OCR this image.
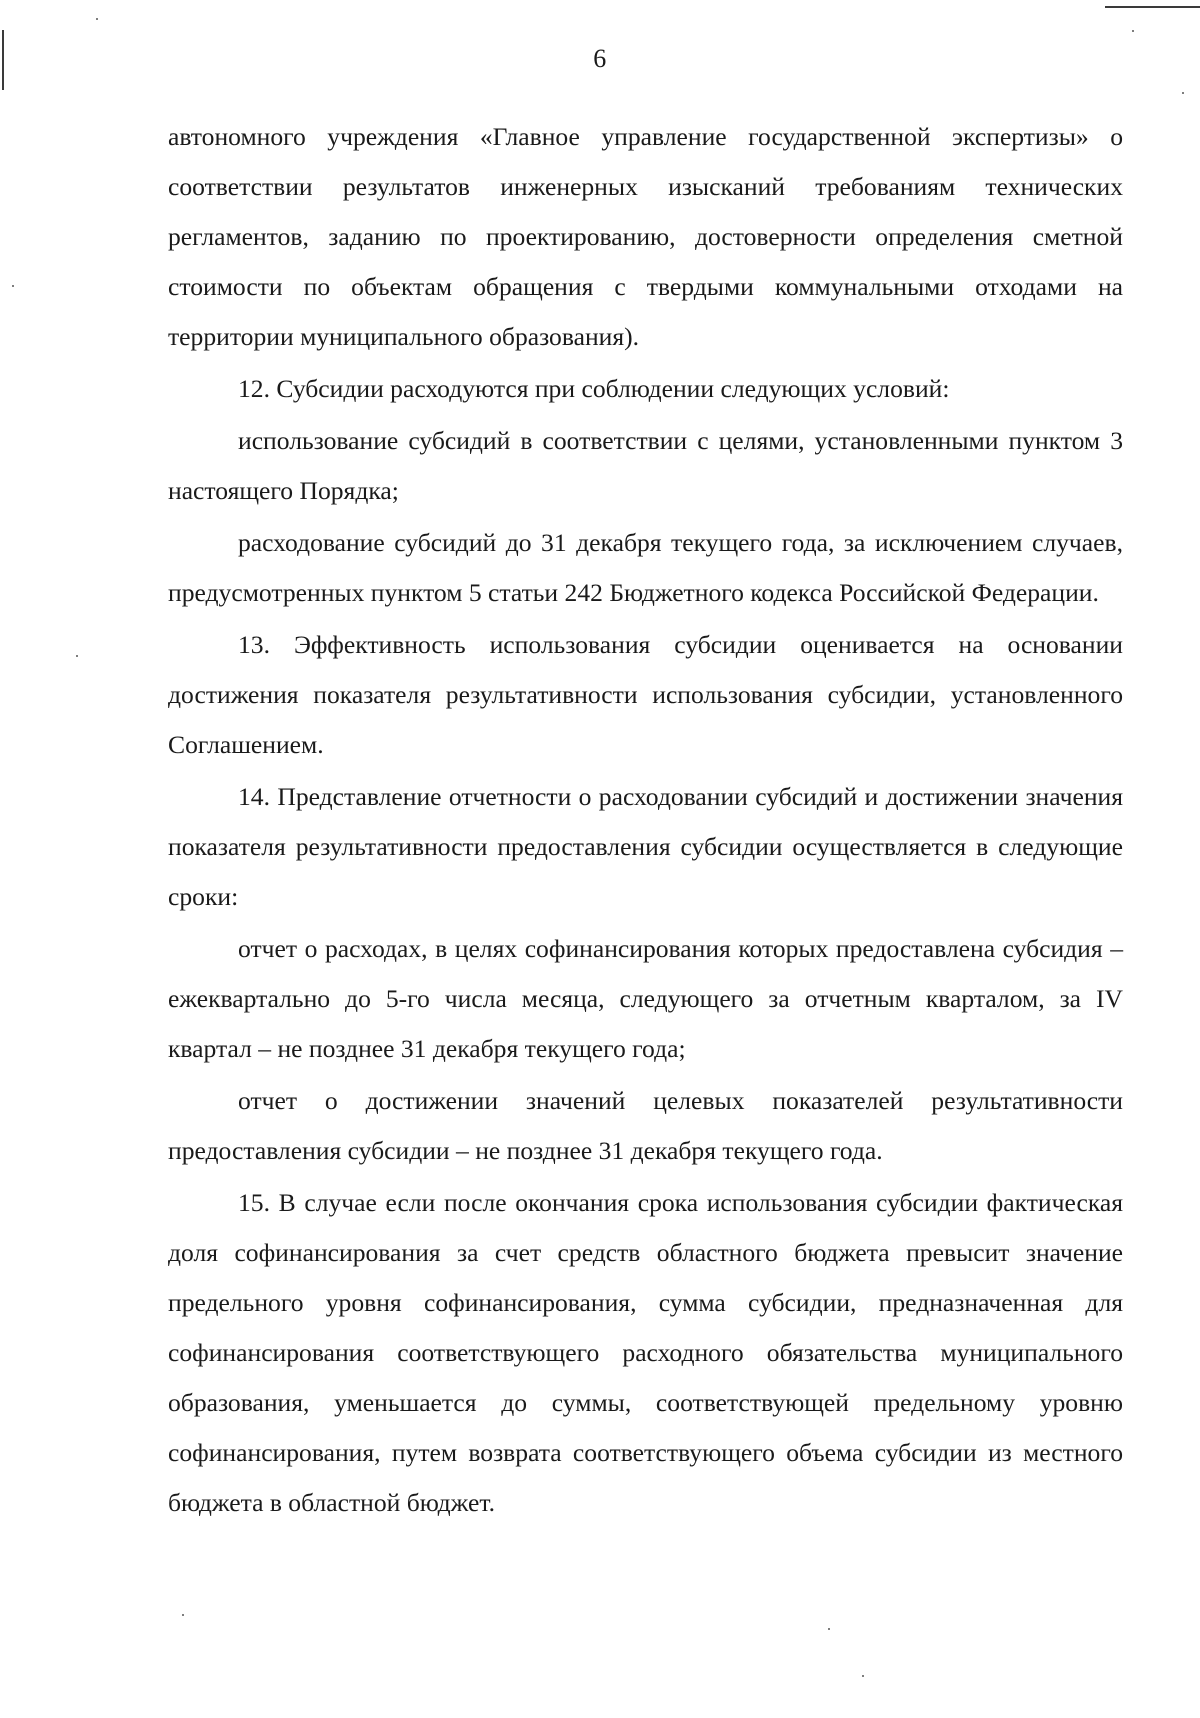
6

автономного учреждения «Главное управление государственной экспертизы» о соответствии результатов инженерных изысканий требованиям технических регламентов, заданию по проектированию, достоверности определения сметной стоимости по объектам обращения с твердыми коммунальными отходами на территории муниципального образования).

12. Субсидии расходуются при соблюдении следующих условий:

использование субсидий в соответствии с целями, установленными пунктом 3 настоящего Порядка;

расходование субсидий до 31 декабря текущего года, за исключением случаев, предусмотренных пунктом 5 статьи 242 Бюджетного кодекса Российской Федерации.

13. Эффективность использования субсидии оценивается на основании достижения показателя результативности использования субсидии, установленного Соглашением.

14. Представление отчетности о расходовании субсидий и достижении значения показателя результативности предоставления субсидии осуществляется в следующие сроки:

отчет о расходах, в целях софинансирования которых предоставлена субсидия – ежеквартально до 5-го числа месяца, следующего за отчетным кварталом, за IV квартал – не позднее 31 декабря текущего года;

отчет о достижении значений целевых показателей результативности предоставления субсидии – не позднее 31 декабря текущего года.

15. В случае если после окончания срока использования субсидии фактическая доля софинансирования за счет средств областного бюджета превысит значение предельного уровня софинансирования, сумма субсидии, предназначенная для софинансирования соответствующего расходного обязательства муниципального образования, уменьшается до суммы, соответствующей предельному уровню софинансирования, путем возврата соответствующего объема субсидии из местного бюджета в областной бюджет.
